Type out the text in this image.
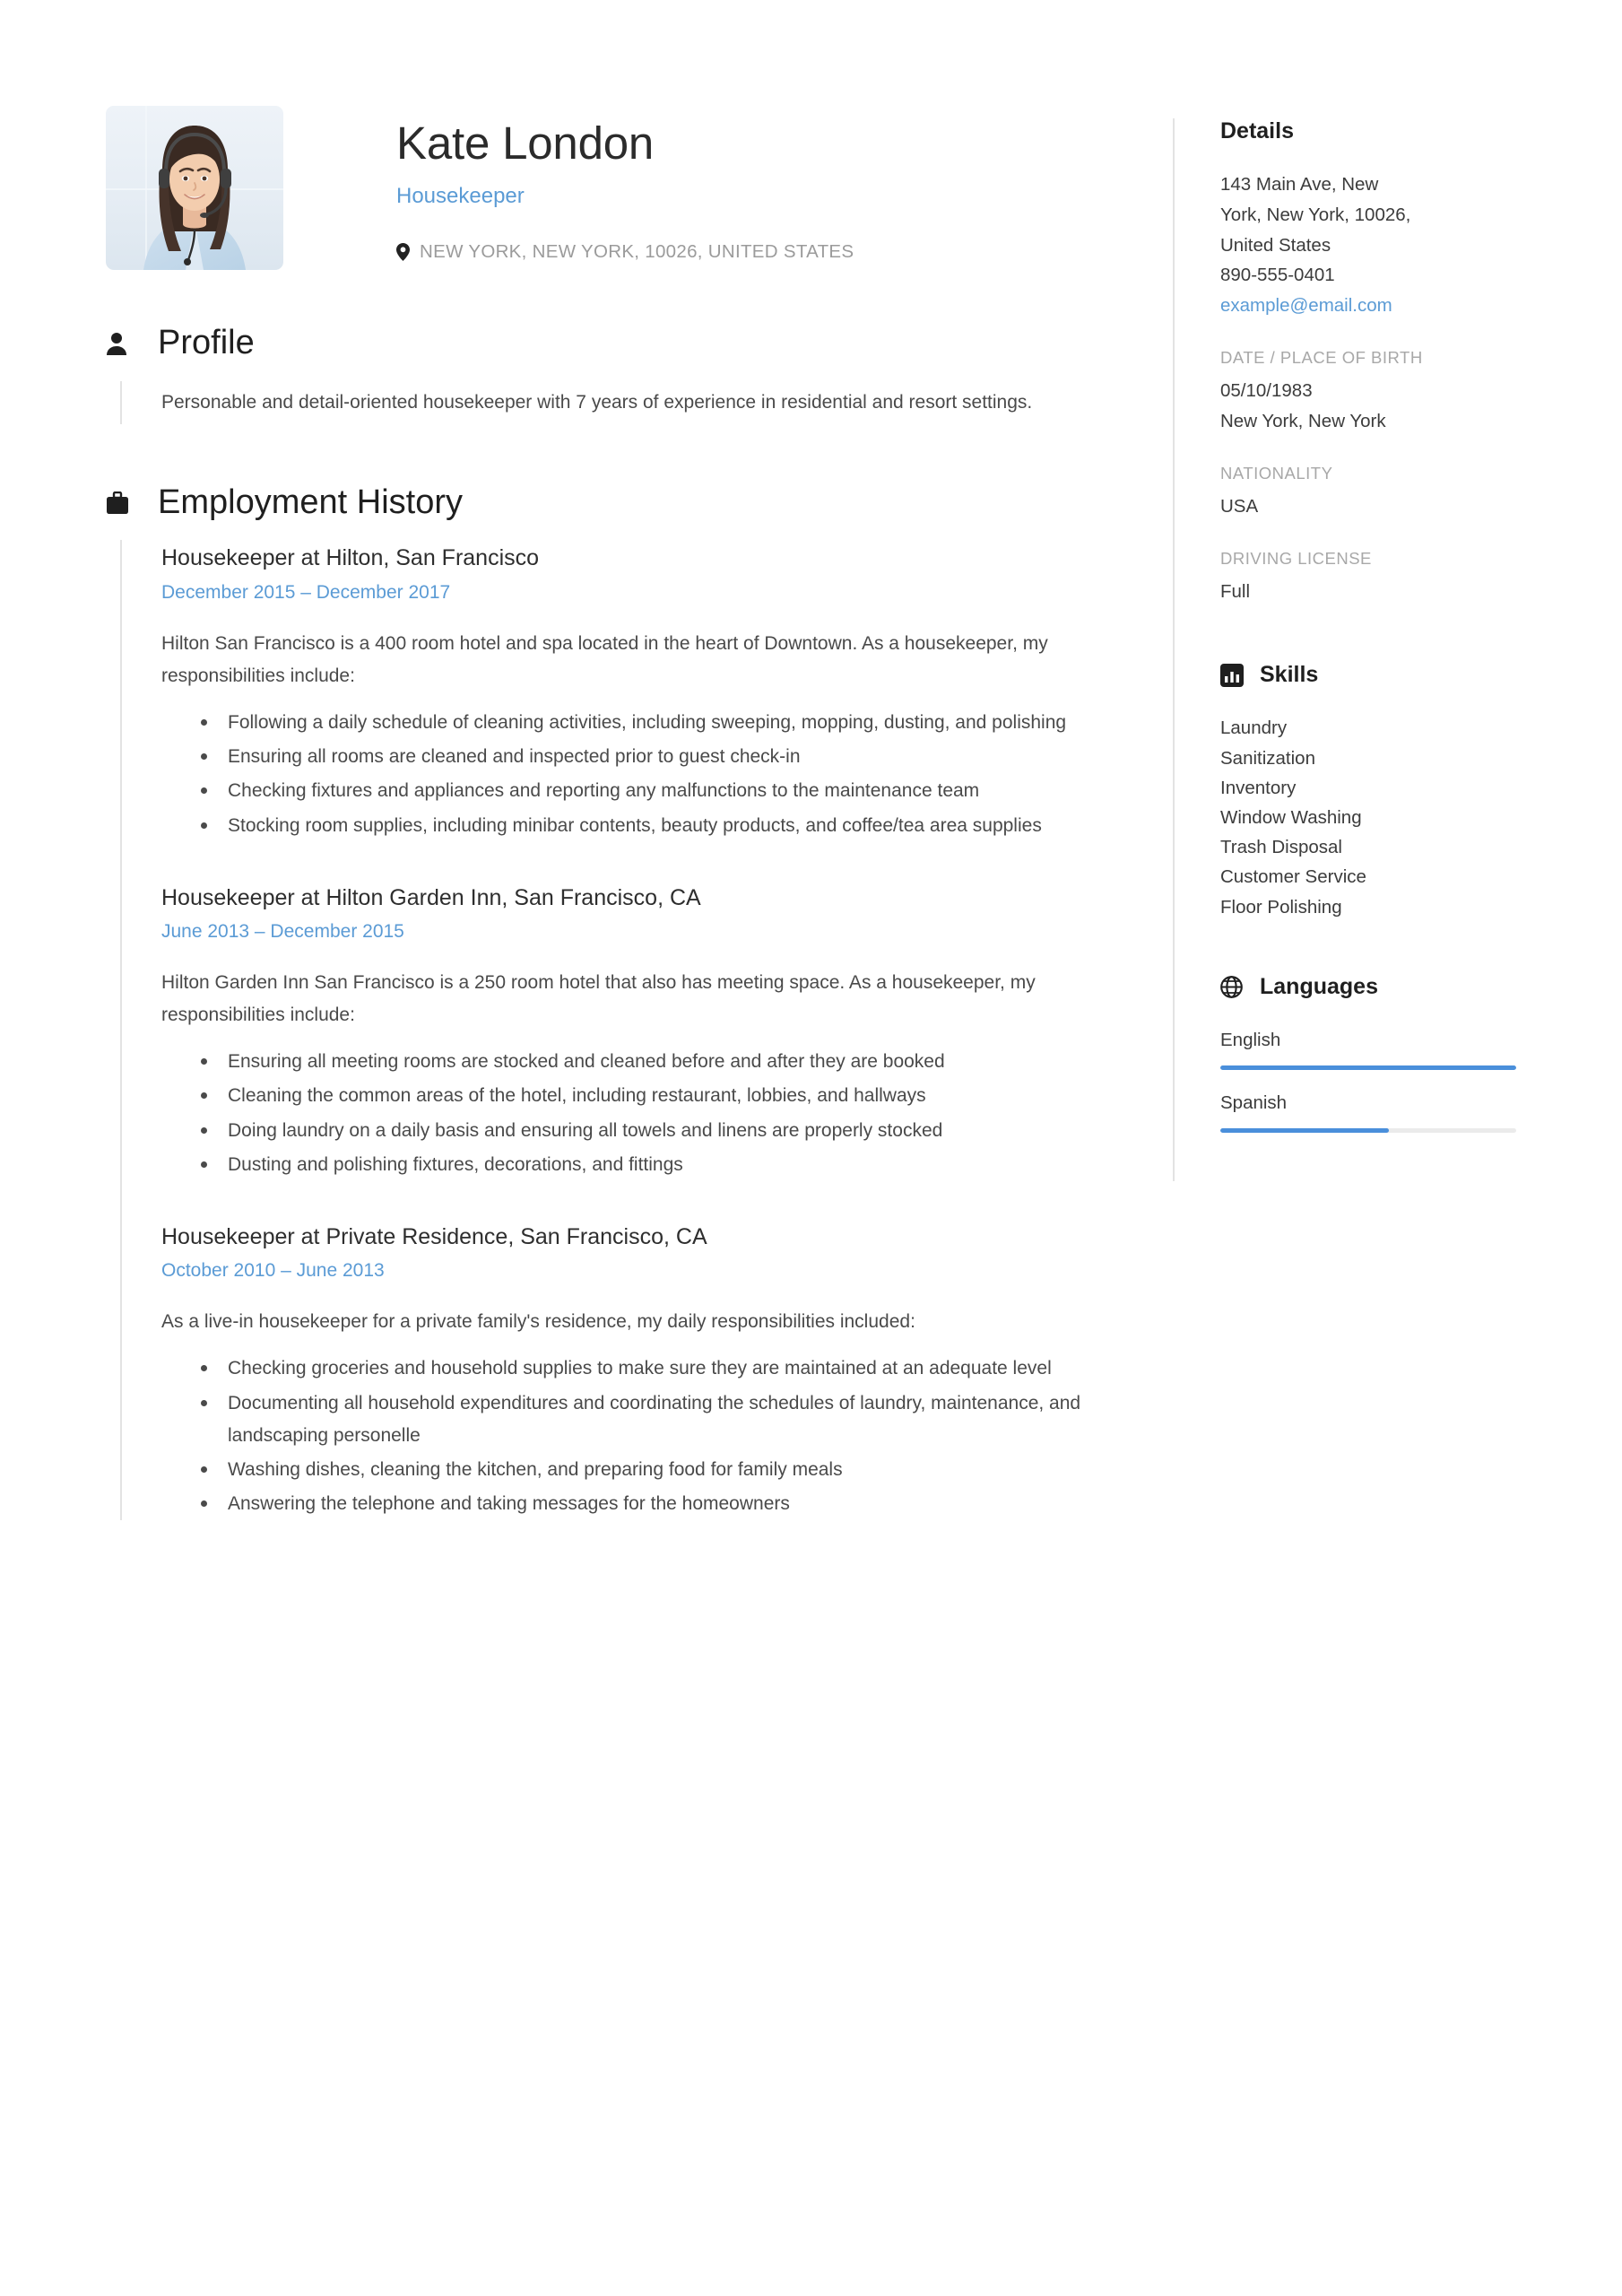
Kate London
Housekeeper
NEW YORK, NEW YORK, 10026, UNITED STATES
Profile
Personable and detail-oriented housekeeper with 7 years of experience in residential and resort settings.
Employment History
Housekeeper at Hilton, San Francisco
December 2015 – December 2017
Hilton San Francisco is a 400 room hotel and spa located in the heart of Downtown. As a housekeeper, my responsibilities include:
Following a daily schedule of cleaning activities, including sweeping, mopping, dusting, and polishing
Ensuring all rooms are cleaned and inspected prior to guest check-in
Checking fixtures and appliances and reporting any malfunctions to the maintenance team
Stocking room supplies, including minibar contents, beauty products, and coffee/tea area supplies
Housekeeper at Hilton Garden Inn, San Francisco, CA
June 2013 – December 2015
Hilton Garden Inn San Francisco is a 250 room hotel that also has meeting space. As a housekeeper, my responsibilities include:
Ensuring all meeting rooms are stocked and cleaned before and after they are booked
Cleaning the common areas of the hotel, including restaurant, lobbies, and hallways
Doing laundry on a daily basis and ensuring all towels and linens are properly stocked
Dusting and polishing fixtures, decorations, and fittings
Housekeeper at Private Residence, San Francisco, CA
October 2010 – June 2013
As a live-in housekeeper for a private family's residence, my daily responsibilities included:
Checking groceries and household supplies to make sure they are maintained at an adequate level
Documenting all household expenditures and coordinating the schedules of laundry, maintenance, and landscaping personelle
Washing dishes, cleaning the kitchen, and preparing food for family meals
Answering the telephone and taking messages for the homeowners
Details
143 Main Ave, New
York, New York, 10026,
United States
890-555-0401
example@email.com
DATE / PLACE OF BIRTH
05/10/1983
New York, New York
NATIONALITY
USA
DRIVING LICENSE
Full
Skills
Laundry
Sanitization
Inventory
Window Washing
Trash Disposal
Customer Service
Floor Polishing
Languages
English
Spanish
